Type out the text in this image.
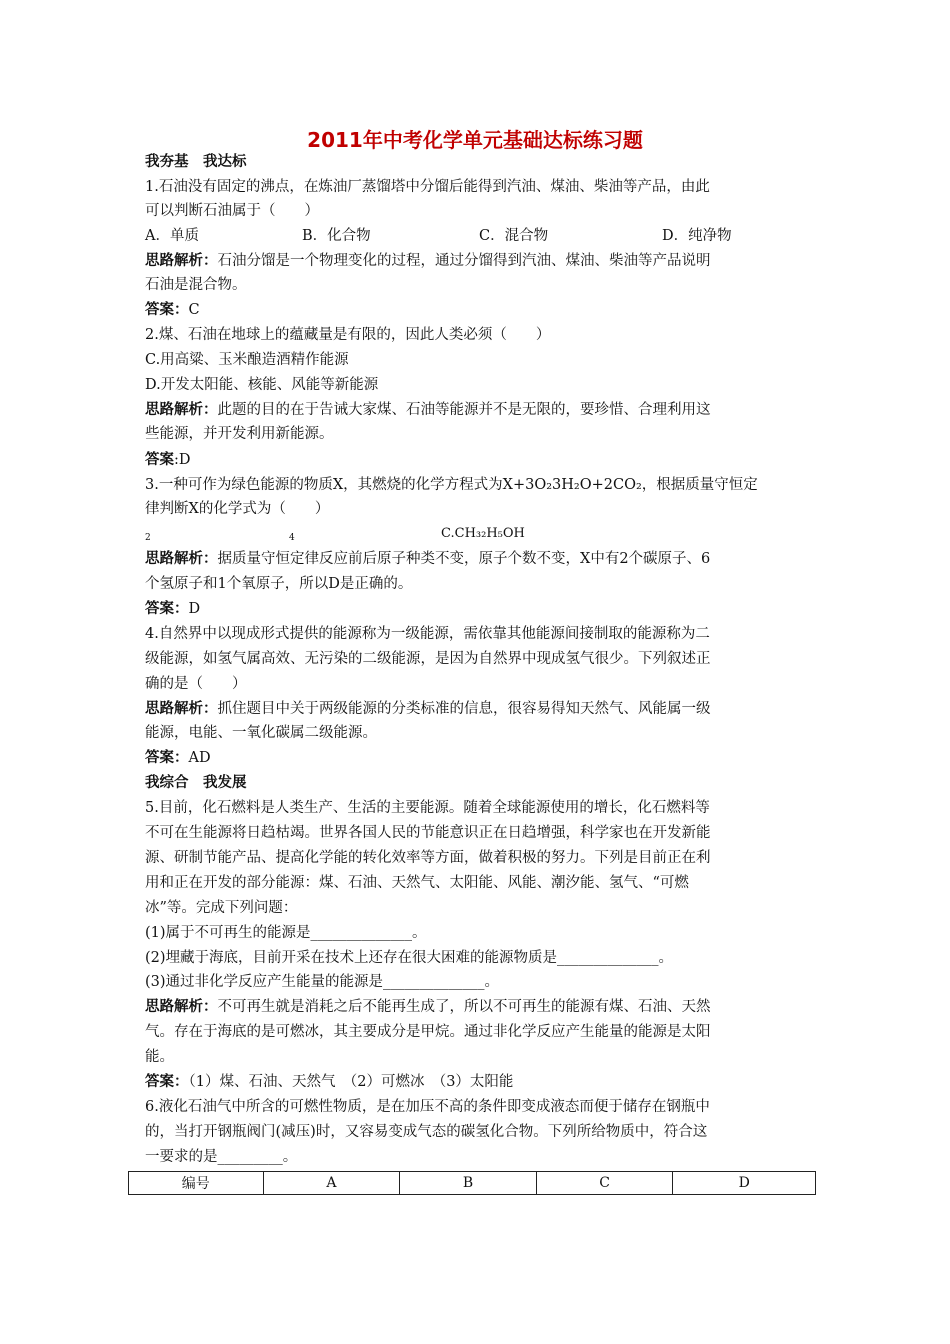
2011年中考化学单元基础达标练习题
我夯基　我达标
1.石油没有固定的沸点，在炼油厂蒸馏塔中分馏后能得到汽油、煤油、柴油等产品，由此
可以判断石油属于（　　）
A．单质	B．化合物	C．混合物	D．纯净物
思路解析：石油分馏是一个物理变化的过程，通过分馏得到汽油、煤油、柴油等产品说明
石油是混合物。
答案：C
2.煤、石油在地球上的蕴藏量是有限的，因此人类必须（　　）
C.用高粱、玉米酿造酒精作能源
D.开发太阳能、核能、风能等新能源
思路解析：此题的目的在于告诫大家煤、石油等能源并不是无限的，要珍惜、合理利用这
些能源，并开发利用新能源。
答案:D
3.一种可作为绿色能源的物质X，其燃烧的化学方程式为X+3O₂3H₂O+2CO₂，根据质量守恒定
律判断X的化学式为（　　）
2	4	C.CH₃₂H₅OH
思路解析：据质量守恒定律反应前后原子种类不变，原子个数不变，X中有2个碳原子、6
个氢原子和1个氧原子，所以D是正确的。
答案：D
4.自然界中以现成形式提供的能源称为一级能源，需依靠其他能源间接制取的能源称为二
级能源，如氢气属高效、无污染的二级能源，是因为自然界中现成氢气很少。下列叙述正
确的是（　　）
思路解析：抓住题目中关于两级能源的分类标准的信息，很容易得知天然气、风能属一级
能源，电能、一氧化碳属二级能源。
答案：AD
我综合　我发展
5.目前，化石燃料是人类生产、生活的主要能源。随着全球能源使用的增长，化石燃料等
不可在生能源将日趋枯竭。世界各国人民的节能意识正在日趋增强，科学家也在开发新能
源、研制节能产品、提高化学能的转化效率等方面，做着积极的努力。下列是目前正在利
用和正在开发的部分能源：煤、石油、天然气、太阳能、风能、潮汐能、氢气、“可燃
冰”等。完成下列问题：
(1)属于不可再生的能源是______________。
(2)埋藏于海底，目前开采在技术上还存在很大困难的能源物质是______________。
(3)通过非化学反应产生能量的能源是______________。
思路解析：不可再生就是消耗之后不能再生成了，所以不可再生的能源有煤、石油、天然
气。存在于海底的是可燃冰，其主要成分是甲烷。通过非化学反应产生能量的能源是太阳
能。
答案：（1）煤、石油、天然气　（2）可燃冰　（3）太阳能
6.液化石油气中所含的可燃性物质，是在加压不高的条件即变成液态而便于储存在钢瓶中
的，当打开钢瓶阀门(减压)时，又容易变成气态的碳氢化合物。下列所给物质中，符合这
一要求的是_________。
编号	A	B	C	D
